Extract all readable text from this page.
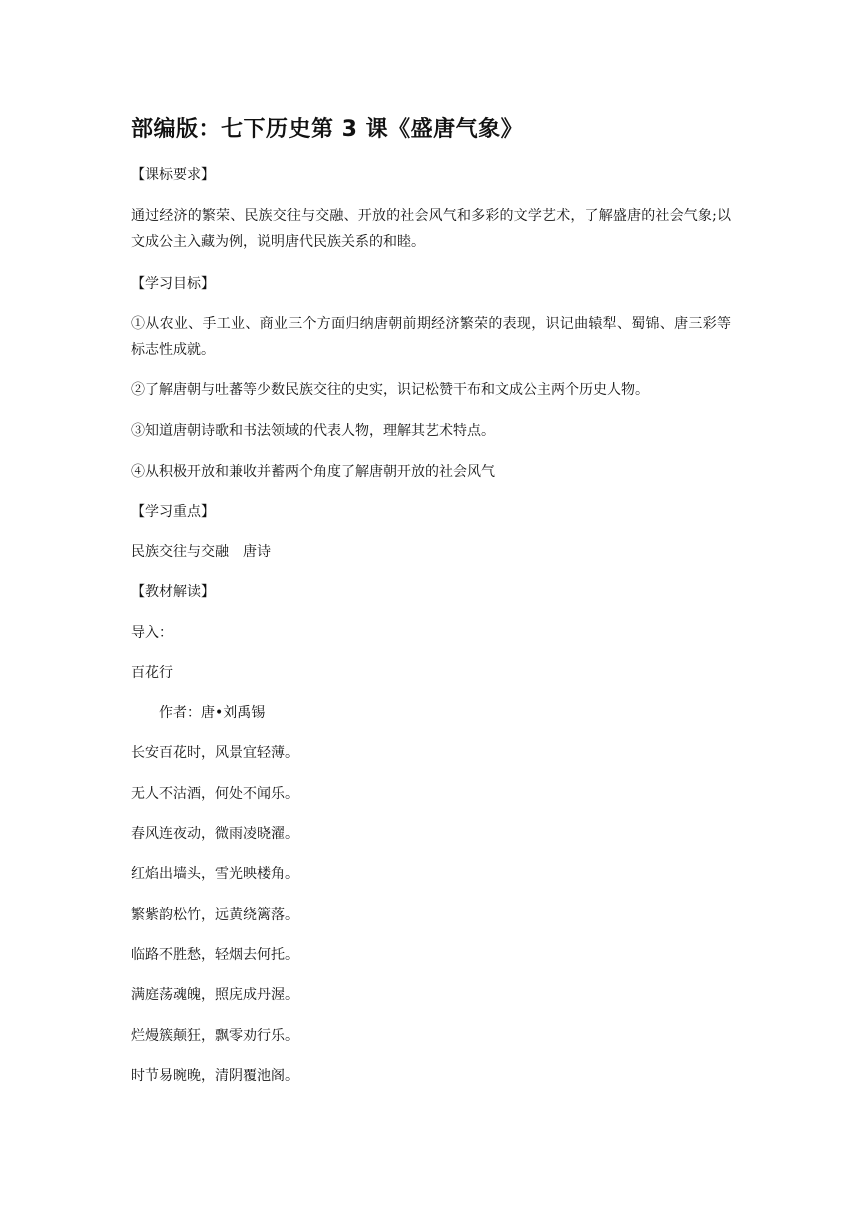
部编版：七下历史第 3 课《盛唐气象》

【课标要求】

通过经济的繁荣、民族交往与交融、开放的社会风气和多彩的文学艺术，了解盛唐的社会气象;以文成公主入藏为例，说明唐代民族关系的和睦。

【学习目标】

①从农业、手工业、商业三个方面归纳唐朝前期经济繁荣的表现，识记曲辕犁、蜀锦、唐三彩等标志性成就。

②了解唐朝与吐蕃等少数民族交往的史实，识记松赞干布和文成公主两个历史人物。

③知道唐朝诗歌和书法领域的代表人物，理解其艺术特点。

④从积极开放和兼收并蓄两个角度了解唐朝开放的社会风气

【学习重点】

民族交往与交融　唐诗

【教材解读】

导入：

百花行

作者：唐•刘禹锡

长安百花时，风景宜轻薄。

无人不沽酒，何处不闻乐。

春风连夜动，微雨凌晓濯。

红焰出墙头，雪光映楼角。

繁紫韵松竹，远黄绕篱落。

临路不胜愁，轻烟去何托。

满庭荡魂魄，照庑成丹渥。

烂熳簇颠狂，飘零劝行乐。

时节易晼晚，清阴覆池阁。
